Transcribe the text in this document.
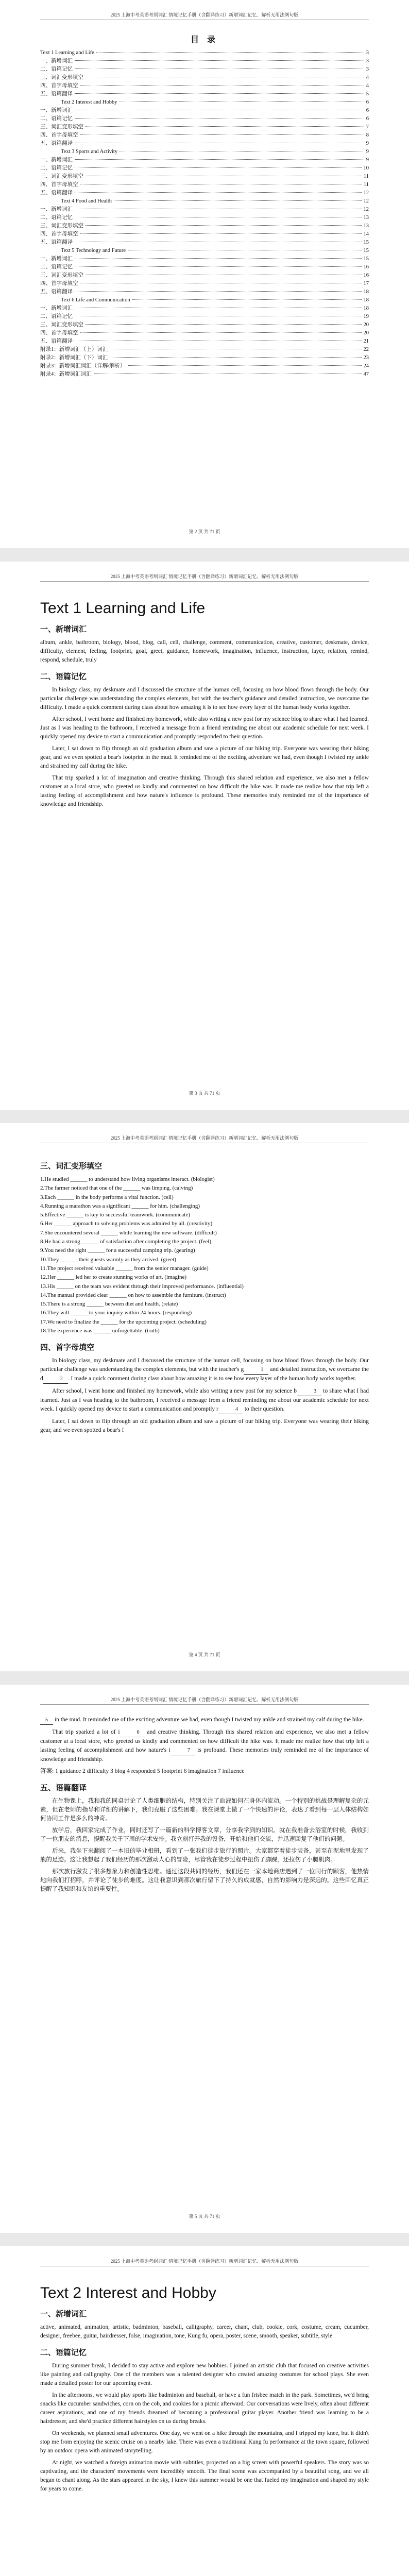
2025 上海中考英语考纲词汇 情境记忆手册（含翻译练习）新增词汇记忆、解析无用法例句版
目 录
Text 1 Learning and Life	3
一、新增词汇	3
二、语篇记忆	3
三、词汇变形填空	4
四、首字母填空	4
五、语篇翻译	5
Text 2 Interest and Hobby	6
一、新增词汇	6
二、语篇记忆	6
三、词汇变形填空	7
四、首字母填空	8
五、语篇翻译	9
Text 3 Sports and Activity	9
一、新增词汇	9
二、语篇记忆	10
三、词汇变形填空	11
四、首字母填空	11
五、语篇翻译	12
Text 4 Food and Health	12
一、新增词汇	12
二、语篇记忆	13
三、词汇变形填空	13
四、首字母填空	14
五、语篇翻译	15
Text 5 Technology and Future	15
一、新增词汇	15
二、语篇记忆	16
三、词汇变形填空	16
四、首字母填空	17
五、语篇翻译	18
Text 6 Life and Communication	18
一、新增词汇	18
二、语篇记忆	19
三、词汇变形填空	20
四、首字母填空	20
五、语篇翻译	21
附录1：新增词汇（上）词汇	22
附录2：新增词汇（下）词汇	23
附录3：新增词汇词汇（详解/解析）	24
附录4：新增词汇词汇	47
第 2 页 共 71 页
2025 上海中考英语考纲词汇 情境记忆手册（含翻译练习）新增词汇记忆、解析无用法例句版
Text 1 Learning and Life
一、新增词汇

album, ankle, bathroom, biology, blood, blog, call, cell, challenge, comment, communication, creative, customer, deskmate, device, difficulty, element, feeling, footprint, goal, greet, guidance, homework, imagination, influence, instruction, layer, relation, remind, respond, schedule, truly

二、语篇记忆

In biology class, my deskmate and I discussed the structure of the human cell, focusing on how blood flows through the body. Our particular challenge was understanding the complex elements, but with the teacher's guidance and detailed instruction, we overcame the difficulty. I made a quick comment during class about how amazing it is to see how every layer of the human body works together.

After school, I went home and finished my homework, while also writing a new post for my science blog to share what I had learned. Just as I was heading to the bathroom, I received a message from a friend reminding me about our academic schedule for next week. I quickly opened my device to start a communication and promptly responded to their question.

Later, I sat down to flip through an old graduation album and saw a picture of our hiking trip. Everyone was wearing their hiking gear, and we even spotted a bear's footprint in the mud. It reminded me of the exciting adventure we had, even though I twisted my ankle and strained my calf during the hike.

That trip sparked a lot of imagination and creative thinking. Through this shared relation and experience, we also met a fellow customer at a local store, who greeted us kindly and commented on how difficult the hike was. It made me realize how that trip left a lasting feeling of accomplishment and how nature's influence is profound. These memories truly reminded me of the importance of knowledge and friendship.

第 3 页 共 71 页
2025 上海中考英语考纲词汇 情境记忆手册（含翻译练习）新增词汇记忆、解析无用法例句版
三、词汇变形填空

1.He studied ______ to understand how living organisms interact. (biologist)

2.The farmer noticed that one of the ______ was limping. (calving)

3.Each ______ in the body performs a vital function. (cell)

4.Running a marathon was a significant ______ for him. (challenging)

5.Effective ______ is key to successful teamwork. (communicate)

6.Her ______ approach to solving problems was admired by all. (creativity)

7.She encountered several ______ while learning the new software. (difficult)

8.He had a strong ______ of satisfaction after completing the project. (feel)

9.You need the right ______ for a successful camping trip. (gearing)

10.They ______ their guests warmly as they arrived. (greet)

11.The project received valuable ______ from the senior manager. (guide)

12.Her ______ led her to create stunning works of art. (imagine)

13.His ______ on the team was evident through their improved performance. (influential)

14.The manual provided clear ______ on how to assemble the furniture. (instruct)

15.There is a strong ______ between diet and health. (relate)

16.They will ______ to your inquiry within 24 hours. (responding)

17.We need to finalize the ______ for the upcoming project. (scheduling)

18.The experience was ______ unforgettable. (truth)

四、首字母填空

In biology class, my deskmate and I discussed the structure of the human cell, focusing on how blood flows through the body. Our particular challenge was understanding the complex elements, but with the teacher's g	1 and detailed instruction, we overcame the d	2 . I made a quick comment during class about how amazing it is to see how every layer of the human body works together.

After school, I went home and finished my homework, while also writing a new post for my science b	3 to share what I had learned. Just as I was heading to the bathroom, I received a message from a friend reminding me about our academic schedule for next week. I quickly opened my device to start a communication and promptly r	4 to their question.

Later, I sat down to flip through an old graduation album and saw a picture of our hiking trip. Everyone was wearing their hiking gear, and we even spotted a bear's f

第 4 页 共 71 页
2025 上海中考英语考纲词汇 情境记忆手册（含翻译练习）新增词汇记忆、解析无用法例句版

5 in the mud. It reminded me of the exciting adventure we had, even though I twisted my ankle and strained my calf during the hike.

That trip sparked a lot of i	6 and creative thinking. Through this shared relation and experience, we also met a fellow customer at a local store, who greeted us kindly and commented on how difficult the hike was. It made me realize how that trip left a lasting feeling of accomplishment and how nature's i	7 is profound. These memories truly reminded me of the importance of knowledge and friendship.

答案: 1 guidance 2 difficulty 3 blog 4 responded 5 footprint 6 imagination 7 influence

五、语篇翻译

在生物课上，我和我的同桌讨论了人类细胞的结构，特别关注了血液如何在身体内流动。一个特别的挑战是理解复杂的元素，但在老师的指导和详细的讲解下，我们克服了这些困难。我在课堂上做了一个快速的评论，表达了看到每一层人体结构如何协同工作是多么的神奇。

放学后，我回家完成了作业，同时还写了一篇新的科学博客文章，分享我学到的知识。就在我准备去浴室的时候，我收到了一位朋友的消息，提醒我关于下周的学术安排。我立刻打开我的设备，开始和他们交流，并迅速回复了他们的问题。

后来，我坐下来翻阅了一本旧的毕业相册，看到了一张我们徒步旅行的照片。大家都穿着徒步装备，甚至在泥地里发现了熊的足迹。这让我想起了我们经历的那次激动人心的冒险，尽管我在徒步过程中扭伤了脚踝，还拉伤了小腿肌肉。

那次旅行激发了很多想象力和创造性思维。通过这段共同的经历，我们还在一家本地商店遇到了一位同行的顾客，他热情地向我们打招呼，并评论了徒步的难度。这让我意识到那次旅行留下了持久的成就感，自然的影响力是深远的。这些回忆真正提醒了我知识和友谊的重要性。

第 5 页 共 71 页
2025 上海中考英语考纲词汇 情境记忆手册（含翻译练习）新增词汇记忆、解析无用法例句版
Text 2 Interest and Hobby
一、新增词汇

active, animated, animation, artistic, badminton, baseball, calligraphy, career, chant, club, cookie, cork, costume, cream, cucumber, designer, freebee, guitar, hairdresser, folse, imagination, tone, Kung fu, opera, poster, scene, smooth, speaker, subtitle, style

二、语篇记忆

During summer break, I decided to stay active and explore new hobbies. I joined an artistic club that focused on creative activities like painting and calligraphy. One of the members was a talented designer who created amazing costumes for school plays. She even made a detailed poster for our upcoming event.

In the afternoons, we would play sports like badminton and baseball, or have a fun frisbee match in the park. Sometimes, we'd bring snacks like cucumber sandwiches, corn on the cob, and cookies for a picnic afterward. Our conversations were lively, often about different career aspirations, and one of my friends dreamed of becoming a professional guitar player. Another friend was learning to be a hairdresser, and she'd practice different hairstyles on us during breaks.

On weekends, we planned small adventures. One day, we went on a hike through the mountains, and I tripped my knee, but it didn't stop me from enjoying the scenic cruise on a nearby lake. There was even a traditional Kung fu performance at the town square, followed by an outdoor opera with animated storytelling.

At night, we watched a foreign animation movie with subtitles, projected on a big screen with powerful speakers. The story was so captivating, and the characters' movements were incredibly smooth. The final scene was accompanied by a beautiful song, and we all began to chant along. As the stars appeared in the sky, I knew this summer would be one that fueled my imagination and shaped my style for years to come.
